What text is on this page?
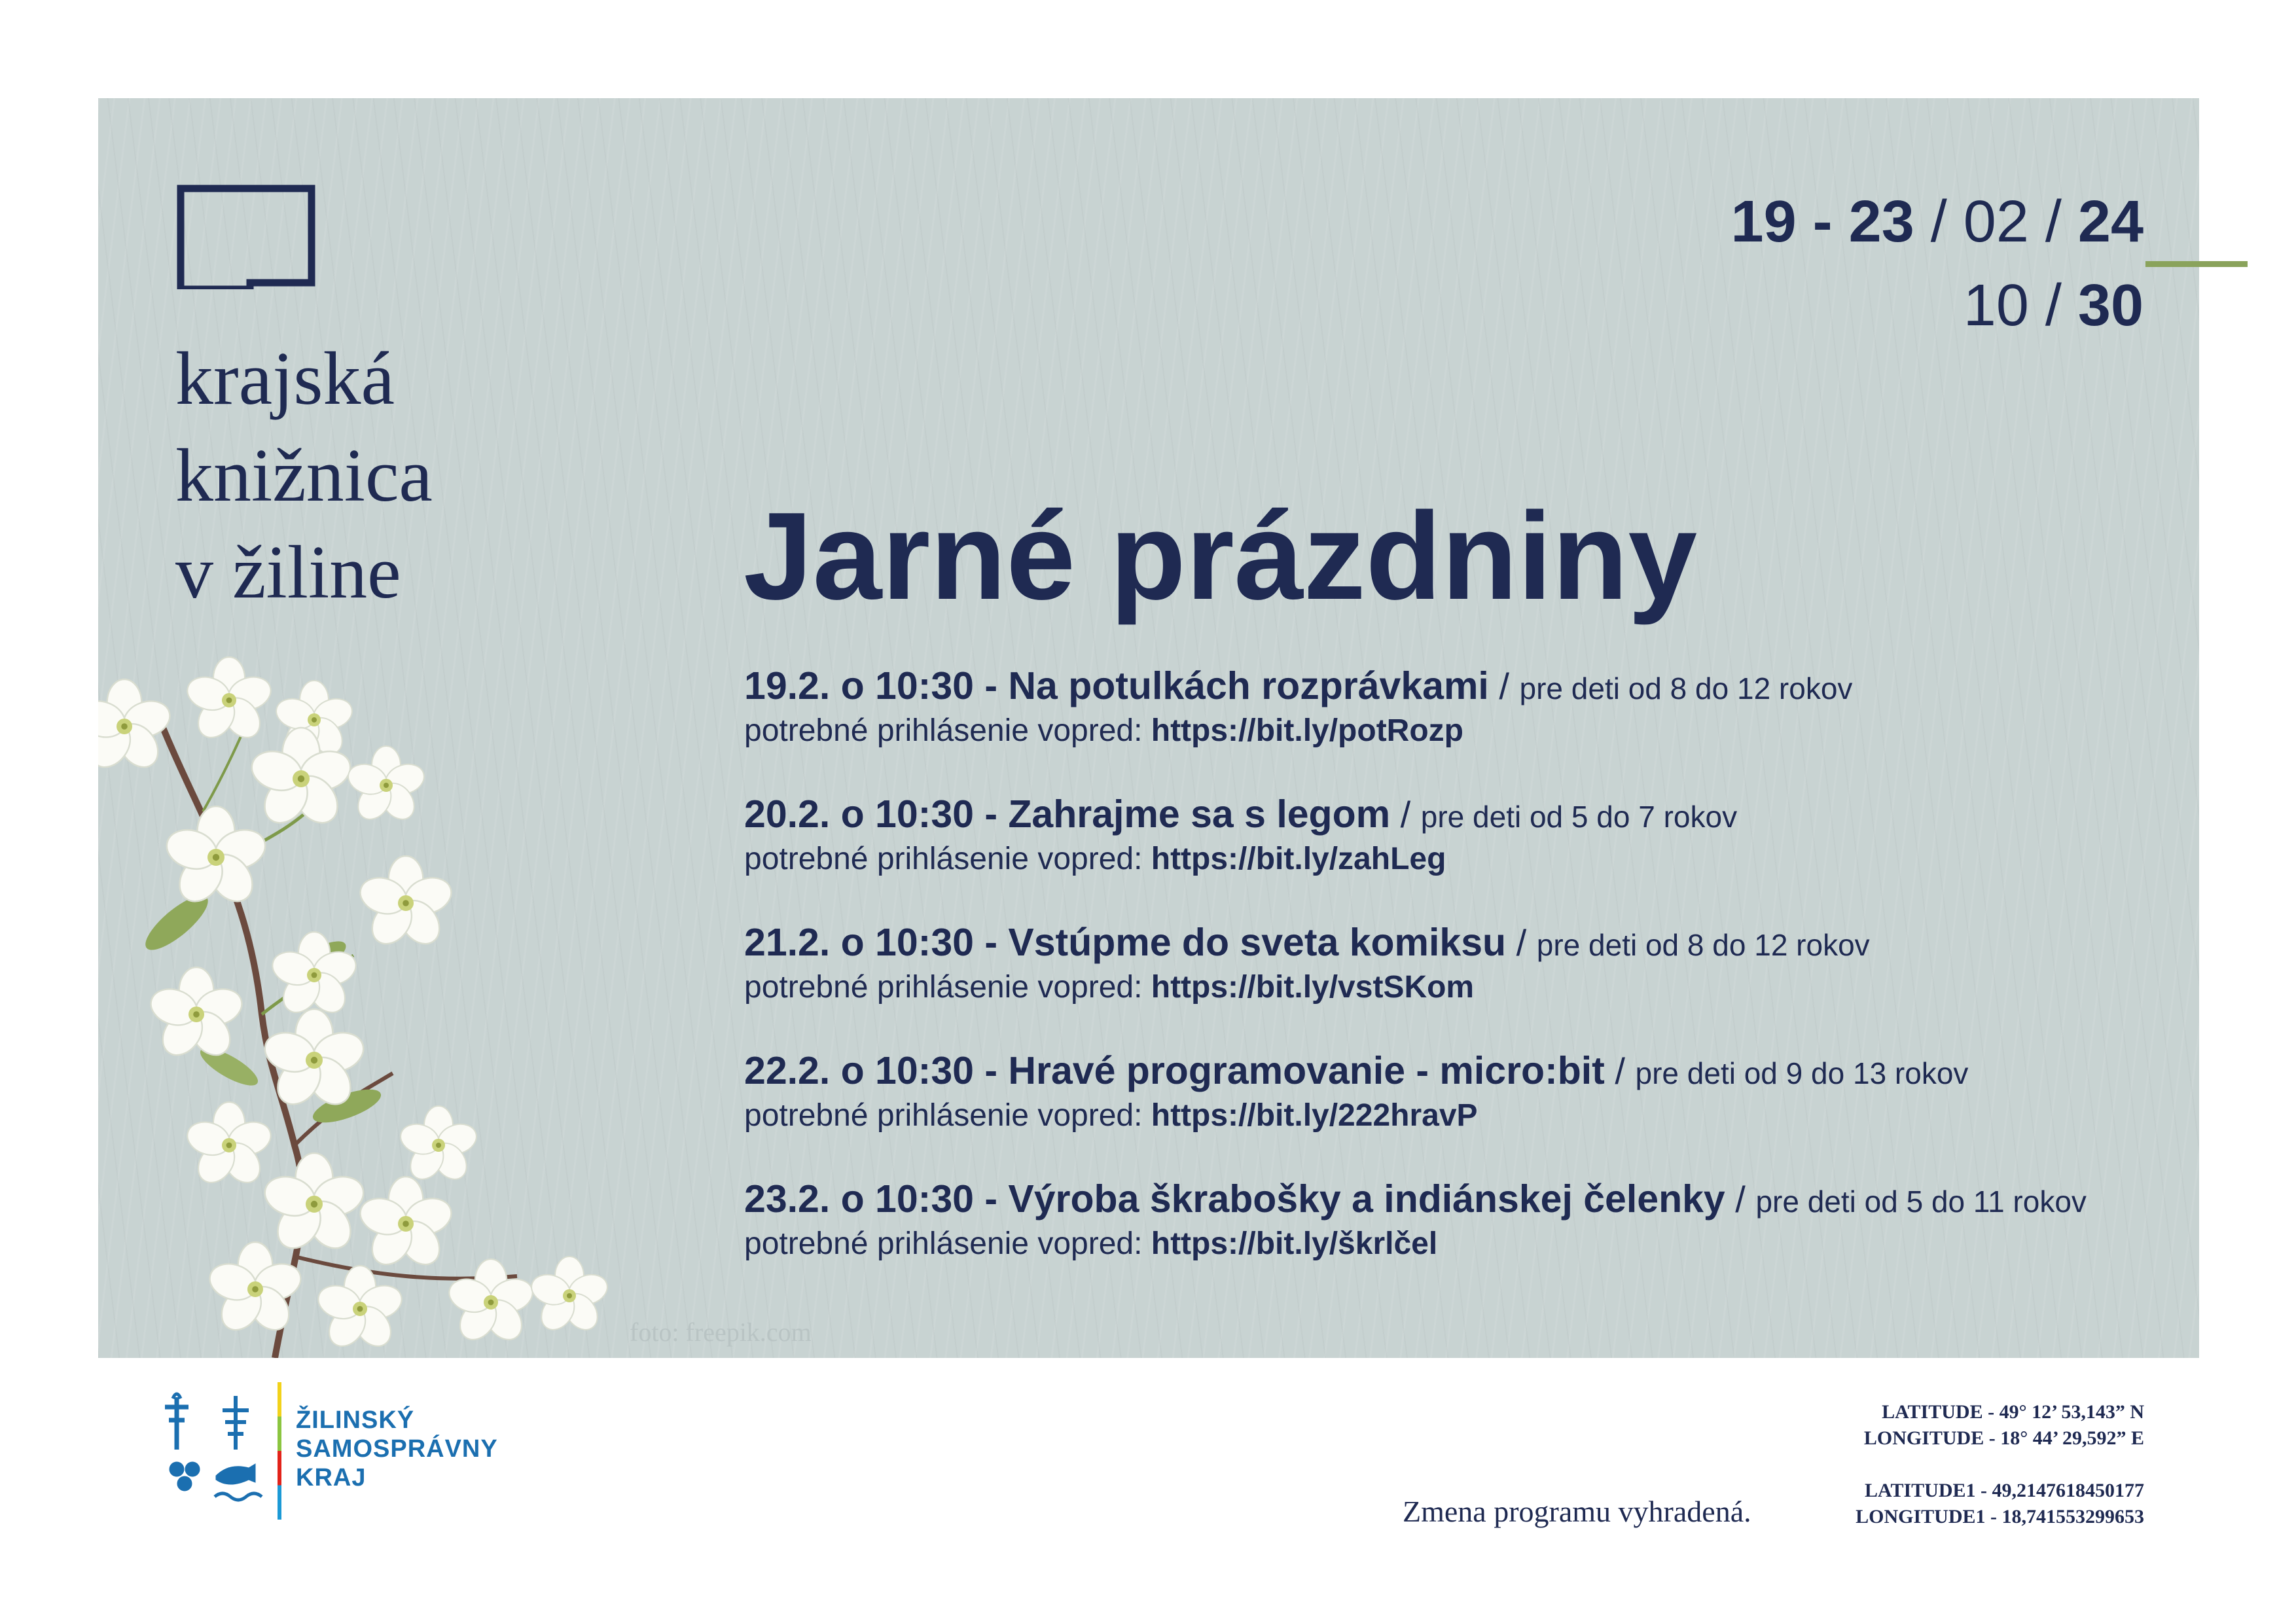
krajská
knižnica
v žiline
19 - 23 / 02 / 24
10 / 30
Jarné prázdniny
19.2. o 10:30 - Na potulkách rozprávkami / pre deti od 8 do 12 rokov
potrebné prihlásenie vopred: https://bit.ly/potRozp
20.2. o 10:30 - Zahrajme sa s legom / pre deti od 5 do 7 rokov
potrebné prihlásenie vopred: https://bit.ly/zahLeg
21.2. o 10:30 - Vstúpme do sveta komiksu / pre deti od 8 do 12 rokov
potrebné prihlásenie vopred: https://bit.ly/vstSKom
22.2. o 10:30 - Hravé programovanie - micro:bit / pre deti od 9 do 13 rokov
potrebné prihlásenie vopred: https://bit.ly/222hravP
23.2. o 10:30 - Výroba škrabošky a indiánskej čelenky / pre deti od 5 do 11 rokov
potrebné prihlásenie vopred: https://bit.ly/škrlčel
foto: freepik.com
ŽILINSKÝ
SAMOSPRÁVNY
KRAJ
LATITUDE - 49° 12’ 53,143” N
LONGITUDE - 18° 44’ 29,592” E
LATITUDE1 - 49,2147618450177
LONGITUDE1 - 18,741553299653
Zmena programu vyhradená.
